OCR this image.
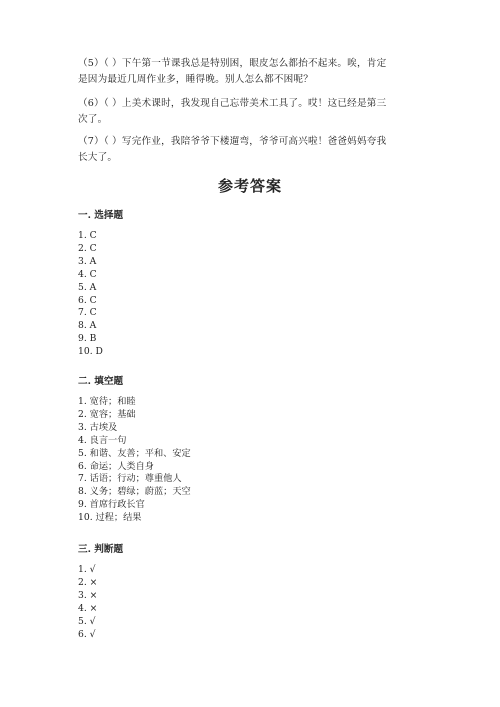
（5）（ ）下午第一节课我总是特别困，眼皮怎么都抬不起来。唉，肯定
是因为最近几周作业多，睡得晚。别人怎么都不困呢？
（6）（ ）上美术课时，我发现自己忘带美术工具了。哎！这已经是第三
次了。
（7）（ ）写完作业，我陪爷爷下楼遛弯，爷爷可高兴啦！爸爸妈妈夸我
长大了。
参考答案
一. 选择题
1. C
2. C
3. A
4. C
5. A
6. C
7. C
8. A
9. B
10. D
二. 填空题
1. 宽待；和睦
2. 宽容；基础
3. 古埃及
4. 良言一句
5. 和谐、友善；平和、安定
6. 命运；人类自身
7. 话语；行动；尊重他人
8. 义务；碧绿；蔚蓝；天空
9. 首席行政长官
10. 过程；结果
三. 判断题
1. √
2. ×
3. ×
4. ×
5. √
6. √
